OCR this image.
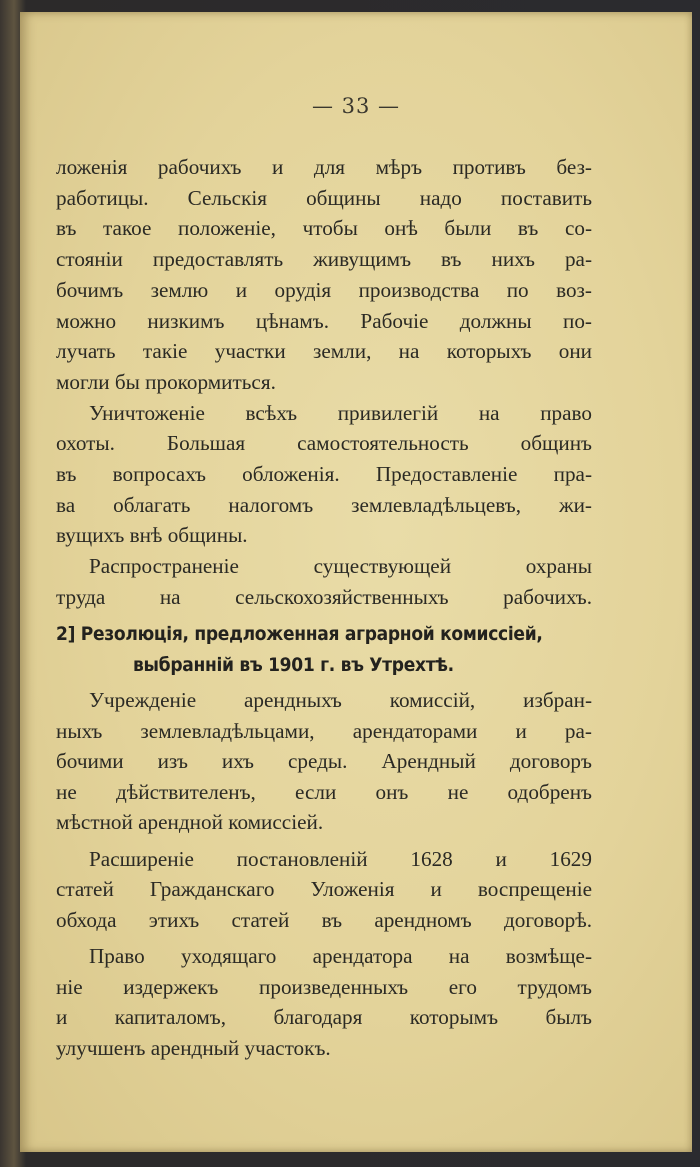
— 33 —
ложенія рабочихъ и для мѣръ противъ без-
работицы. Сельскія общины надо поставить
въ такое положеніе, чтобы онѣ были въ со-
стояніи предоставлять живущимъ въ нихъ ра-
бочимъ землю и орудія производства по воз-
можно низкимъ цѣнамъ. Рабочіе должны по-
лучать такіе участки земли, на которыхъ они
могли бы прокормиться.
Уничтоженіе всѣхъ привилегій на право
охоты. Большая самостоятельность общинъ
въ вопросахъ обложенія. Предоставленіе пра-
ва облагать налогомъ землевладѣльцевъ, жи-
вущихъ внѣ общины.
Распространеніе существующей охраны
труда на сельскохозяйственныхъ рабочихъ.
2] Резолюція, предложенная аграрной комиссіей,
выбранній въ 1901 г. въ Утрехтѣ.
Учрежденіе арендныхъ комиссій, избран-
ныхъ землевладѣльцами, арендаторами и ра-
бочими изъ ихъ среды. Арендный договоръ
не дѣйствителенъ, если онъ не одобренъ
мѣстной арендной комиссіей.
Расширеніе постановленій 1628 и 1629
статей Гражданскаго Уложенія и воспрещеніе
обхода этихъ статей въ арендномъ договорѣ.
Право уходящаго арендатора на возмѣще-
ніе издержекъ произведенныхъ его трудомъ
и капиталомъ, благодаря которымъ былъ
улучшенъ арендный участокъ.
